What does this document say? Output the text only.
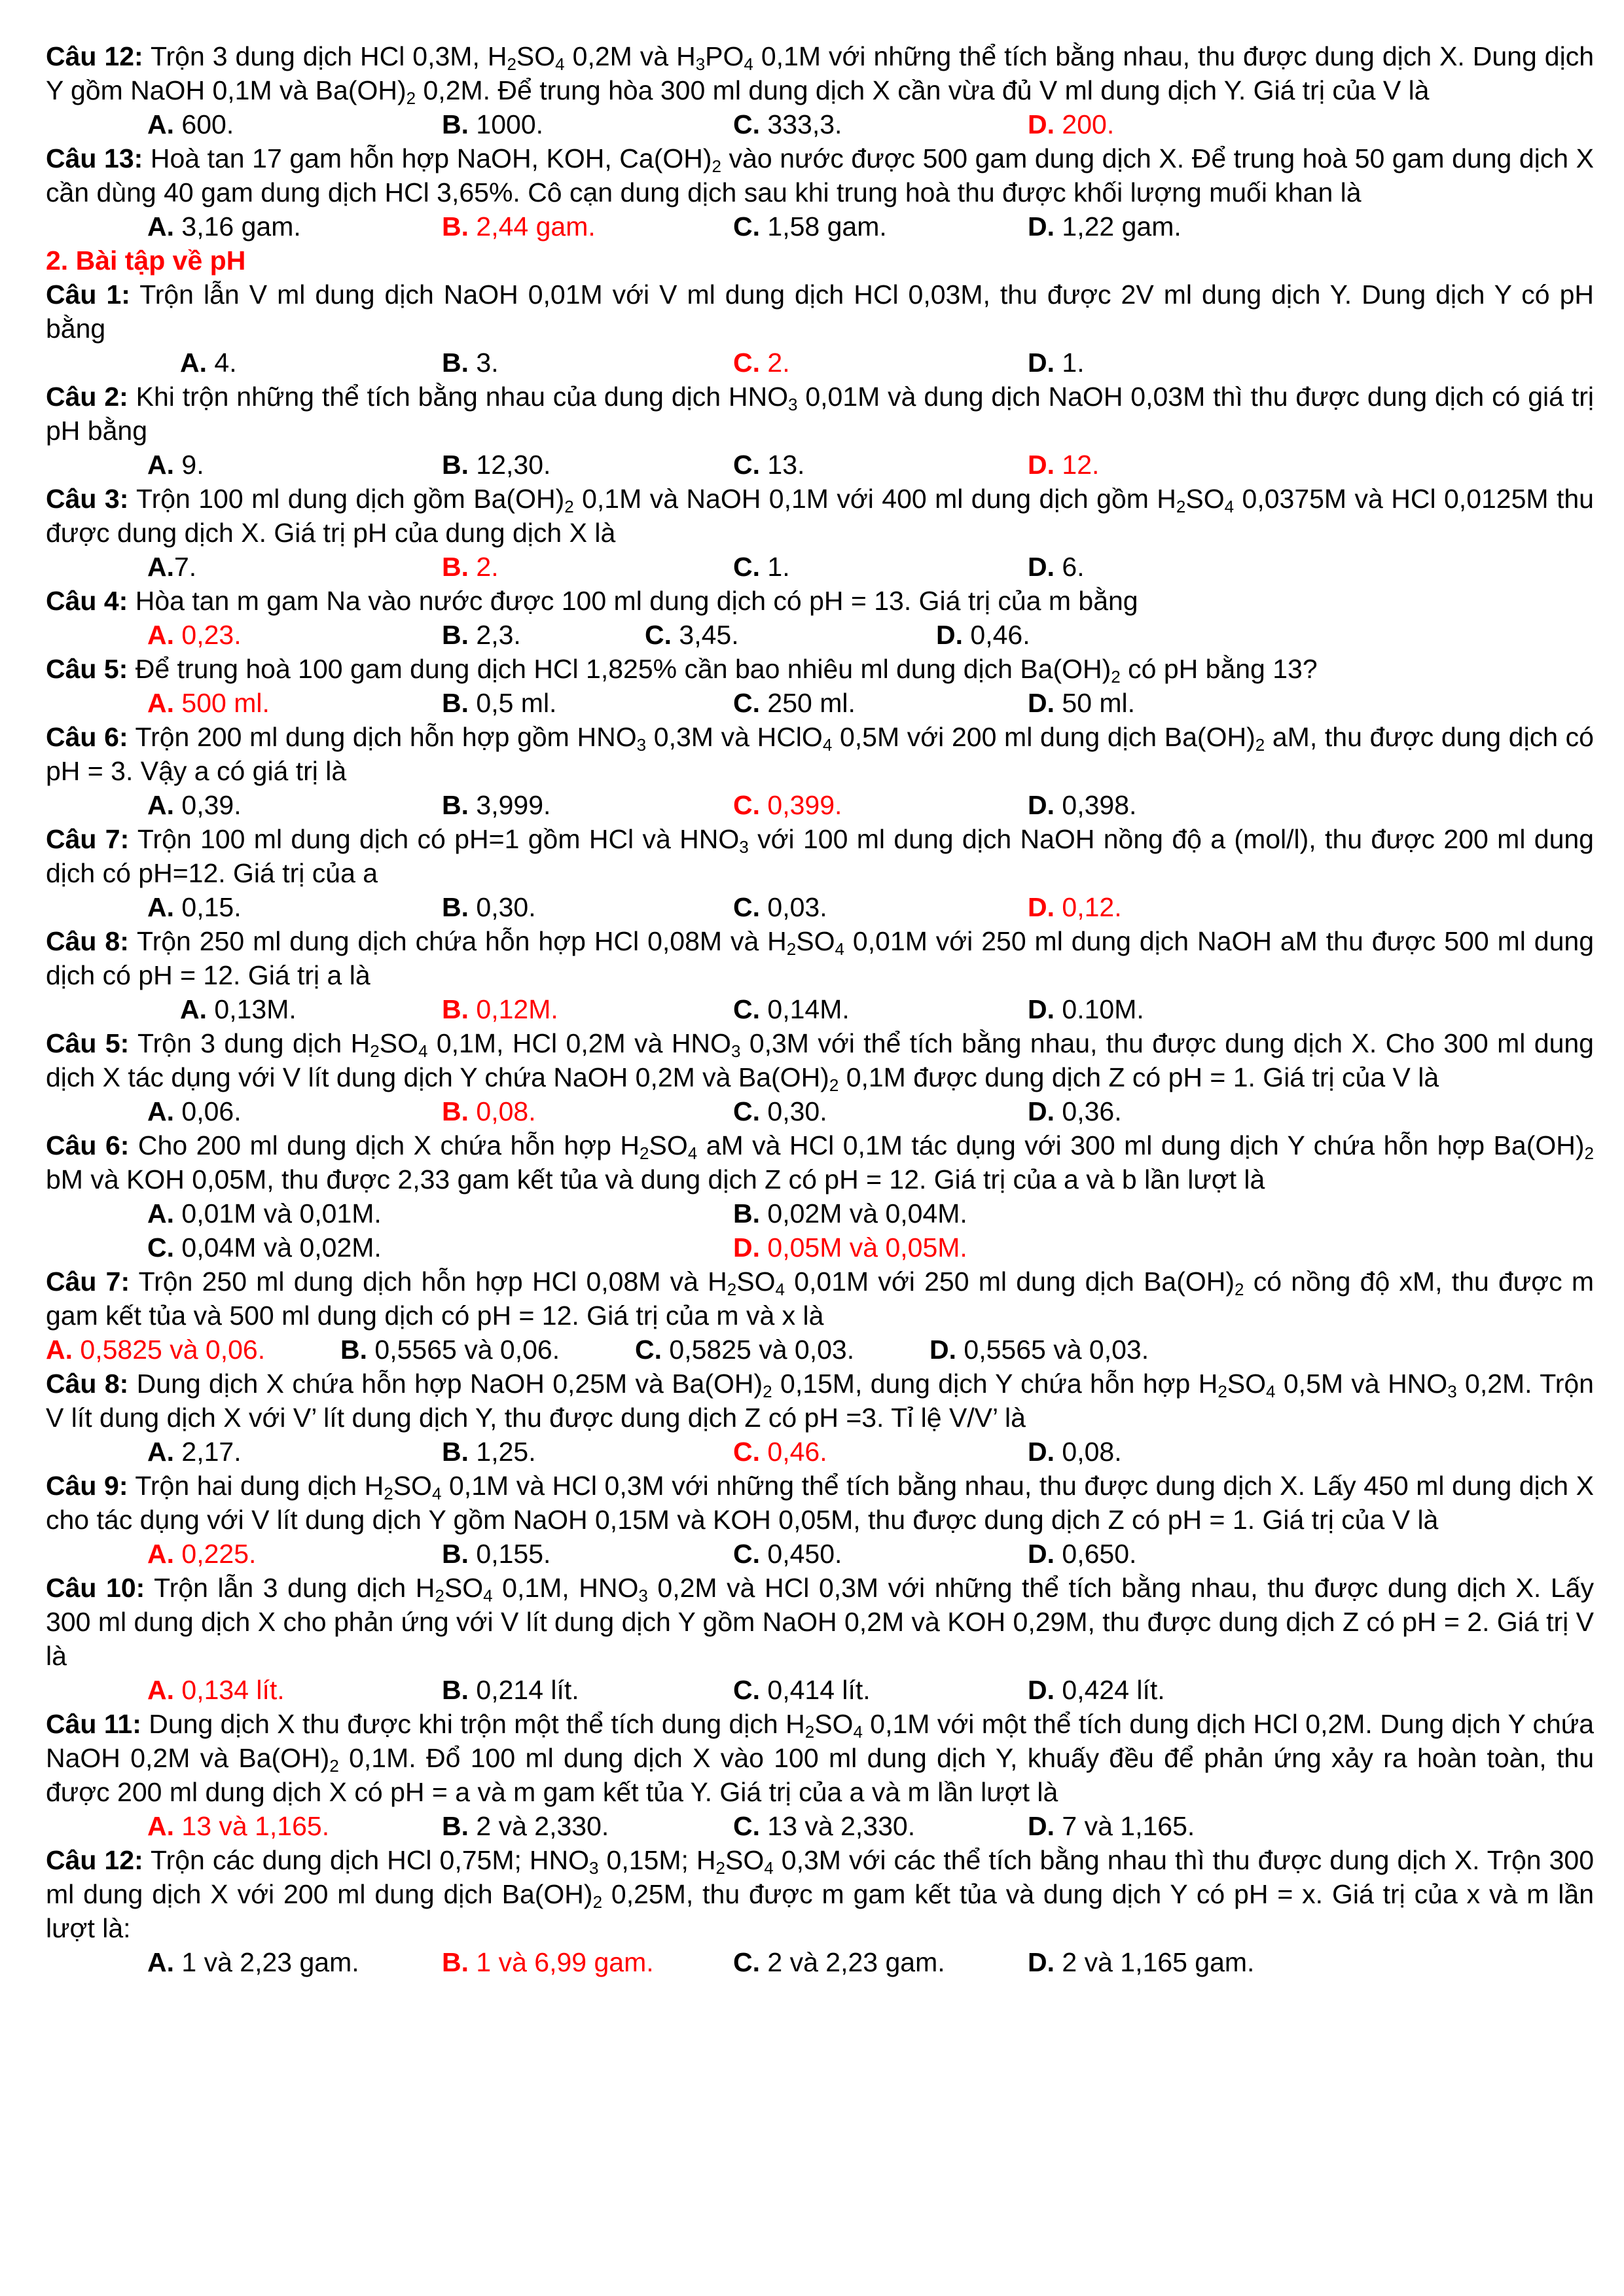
Câu 12: Trộn 3 dung dịch HCl 0,3M, $H_2SO_4$ 0,2M và $H_3PO_4$ 0,1M với những thể tích bằng nhau, thu được dung dịch X. Dung dịch Y gồm NaOH 0,1M và $Ba(OH)_2$ 0,2M. Để trung hòa 300 ml dung dịch X cần vừa đủ V ml dung dịch Y. Giá trị của V là
A. 600.	B. 1000.	C. 333,3.	D. 200.
Câu 13: Hoà tan 17 gam hỗn hợp NaOH, KOH, $Ca(OH)_2$ vào nước được 500 gam dung dịch X. Để trung hoà 50 gam dung dịch X cần dùng 40 gam dung dịch HCl 3,65%. Cô cạn dung dịch sau khi trung hoà thu được khối lượng muối khan là
A. 3,16 gam.	B. 2,44 gam.	C. 1,58 gam.	D. 1,22 gam.
2. Bài tập về pH
Câu 1: Trộn lẫn V ml dung dịch NaOH 0,01M với V ml dung dịch HCl 0,03M, thu được 2V ml dung dịch Y. Dung dịch Y có pH bằng
A. 4.	B. 3.	C. 2.	D. 1.
Câu 2: Khi trộn những thể tích bằng nhau của dung dịch $HNO_3$ 0,01M và dung dịch NaOH 0,03M thì thu được dung dịch có giá trị pH bằng
A. 9.	B. 12,30.	C. 13.	D. 12.
Câu 3: Trộn 100 ml dung dịch gồm $Ba(OH)_2$ 0,1M và NaOH 0,1M với 400 ml dung dịch gồm $H_2SO_4$ 0,0375M và HCl 0,0125M thu được dung dịch X. Giá trị pH của dung dịch X là
A.7.	B. 2.	C. 1.	D. 6.
Câu 4: Hòa tan m gam Na vào nước được 100 ml dung dịch có pH = 13. Giá trị của m bằng
A. 0,23.	B. 2,3.	C. 3,45.	D. 0,46.
Câu 5: Để trung hoà 100 gam dung dịch HCl 1,825% cần bao nhiêu ml dung dịch $Ba(OH)_2$ có pH bằng 13?
A. 500 ml.	B. 0,5 ml.	C. 250 ml.	D. 50 ml.
Câu 6: Trộn 200 ml dung dịch hỗn hợp gồm $HNO_3$ 0,3M và HClO$_4$ 0,5M với 200 ml dung dịch $Ba(OH)_2$ aM, thu được dung dịch có pH = 3. Vậy a có giá trị là
A. 0,39.	B. 3,999.	C. 0,399.	D. 0,398.
Câu 7: Trộn 100 ml dung dịch có pH=1 gồm HCl và $HNO_3$ với 100 ml dung dịch NaOH nồng độ a (mol/l), thu được 200 ml dung dịch có pH=12. Giá trị của a
A. 0,15.	B. 0,30.	C. 0,03.	D. 0,12.
Câu 8: Trộn 250 ml dung dịch chứa hỗn hợp HCl 0,08M và $H_2SO_4$ 0,01M với 250 ml dung dịch NaOH aM thu được 500 ml dung dịch có pH = 12. Giá trị a là
A. 0,13M.	B. 0,12M.	C. 0,14M.	D. 0.10M.
Câu 5: Trộn 3 dung dịch $H_2SO_4$ 0,1M, HCl 0,2M và $HNO_3$ 0,3M với thể tích bằng nhau, thu được dung dịch X. Cho 300 ml dung dịch X tác dụng với V lít dung dịch Y chứa NaOH 0,2M và $Ba(OH)_2$ 0,1M được dung dịch Z có pH = 1. Giá trị của V là
A. 0,06.	B. 0,08.	C. 0,30.	D. 0,36.
Câu 6: Cho 200 ml dung dịch X chứa hỗn hợp $H_2SO_4$ aM và HCl 0,1M tác dụng với 300 ml dung dịch Y chứa hỗn hợp $Ba(OH)_2$ bM và KOH 0,05M, thu được 2,33 gam kết tủa và dung dịch Z có pH = 12. Giá trị của a và b lần lượt là
A. 0,01M và 0,01M.	B. 0,02M và 0,04M.
C. 0,04M và 0,02M.	D. 0,05M và 0,05M.
Câu 7: Trộn 250 ml dung dịch hỗn hợp HCl 0,08M và $H_2SO_4$ 0,01M với 250 ml dung dịch $Ba(OH)_2$ có nồng độ xM, thu được m gam kết tủa và 500 ml dung dịch có pH = 12. Giá trị của m và x là
A. 0,5825 và 0,06.	B. 0,5565 và 0,06.	C. 0,5825 và 0,03.	D. 0,5565 và 0,03.
Câu 8: Dung dịch X chứa hỗn hợp NaOH 0,25M và $Ba(OH)_2$ 0,15M, dung dịch Y chứa hỗn hợp $H_2SO_4$ 0,5M và $HNO_3$ 0,2M. Trộn V lít dung dịch X với V’ lít dung dịch Y, thu được dung dịch Z có pH =3. Tỉ lệ V/V’ là
A. 2,17.	B. 1,25.	C. 0,46.	D. 0,08.
Câu 9: Trộn hai dung dịch $H_2SO_4$ 0,1M và HCl 0,3M với những thể tích bằng nhau, thu được dung dịch X. Lấy 450 ml dung dịch X cho tác dụng với V lít dung dịch Y gồm NaOH 0,15M và KOH 0,05M, thu được dung dịch Z có pH = 1. Giá trị của V là
A. 0,225.	B. 0,155.	C. 0,450.	D. 0,650.
Câu 10: Trộn lẫn 3 dung dịch $H_2SO_4$ 0,1M, $HNO_3$ 0,2M và HCl 0,3M với những thể tích bằng nhau, thu được dung dịch X. Lấy 300 ml dung dịch X cho phản ứng với V lít dung dịch Y gồm NaOH 0,2M và KOH 0,29M, thu được dung dịch Z có pH = 2. Giá trị V là
A. 0,134 lít.	B. 0,214 lít.	C. 0,414 lít.	D. 0,424 lít.
Câu 11: Dung dịch X thu được khi trộn một thể tích dung dịch $H_2SO_4$ 0,1M với một thể tích dung dịch HCl 0,2M. Dung dịch Y chứa NaOH 0,2M và $Ba(OH)_2$ 0,1M. Đổ 100 ml dung dịch X vào 100 ml dung dịch Y, khuấy đều để phản ứng xảy ra hoàn toàn, thu được 200 ml dung dịch X có pH = a và m gam kết tủa Y. Giá trị của a và m lần lượt là
A. 13 và 1,165.	B. 2 và 2,330.	C. 13 và 2,330.	D. 7 và 1,165.
Câu 12: Trộn các dung dịch HCl 0,75M; $HNO_3$ 0,15M; $H_2SO_4$ 0,3M với các thể tích bằng nhau thì thu được dung dịch X. Trộn 300 ml dung dịch X với 200 ml dung dịch $Ba(OH)_2$ 0,25M, thu được m gam kết tủa và dung dịch Y có pH = x. Giá trị của x và m lần lượt là:
A. 1 và 2,23 gam.	B. 1 và 6,99 gam.	C. 2 và 2,23 gam.	D. 2 và 1,165 gam.
